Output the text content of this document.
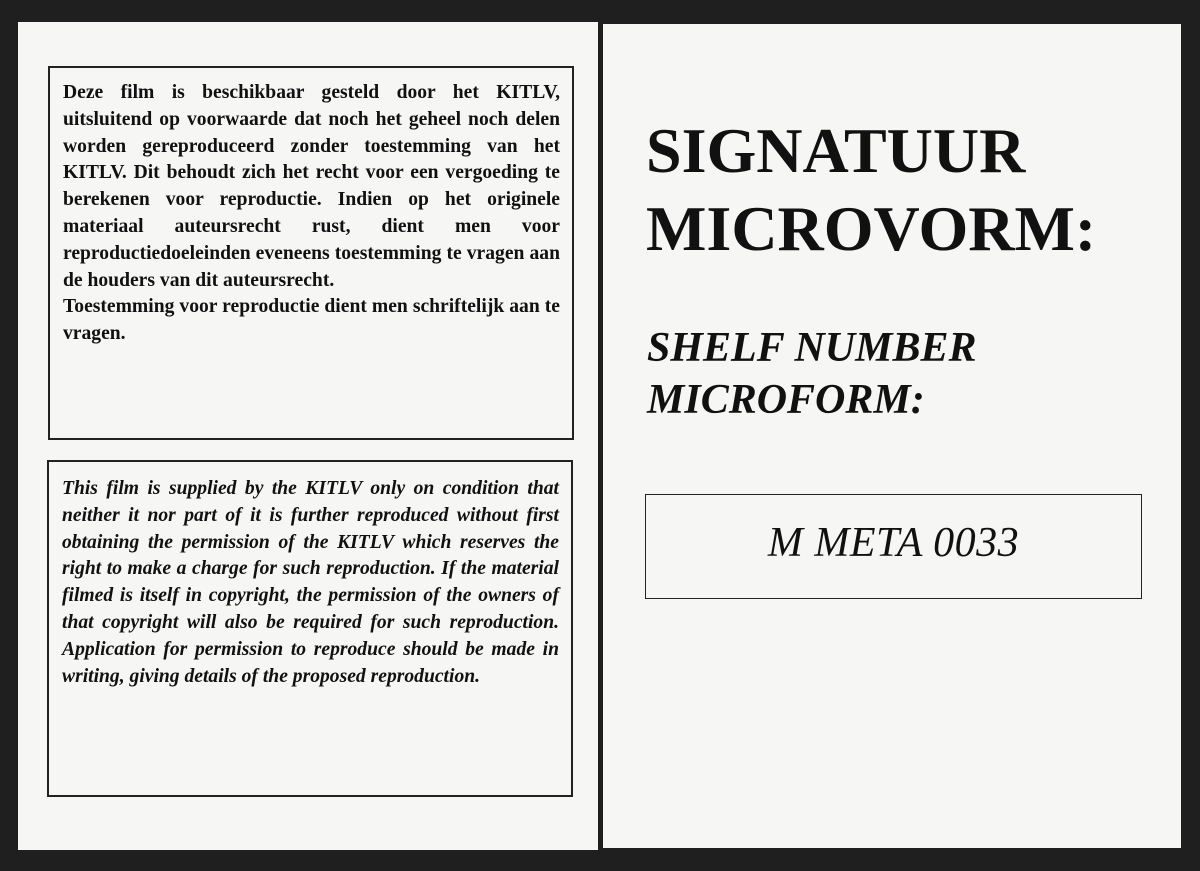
Deze film is beschikbaar gesteld door het KITLV, uitsluitend op voorwaarde dat noch het geheel noch delen worden gereproduceerd zonder toestemming van het KITLV. Dit behoudt zich het recht voor een vergoeding te berekenen voor reproductie. Indien op het originele materiaal auteursrecht rust, dient men voor reproductiedoeleinden eveneens toestemming te vragen aan de houders van dit auteursrecht.

Toestemming voor reproductie dient men schriftelijk aan te vragen.

This film is supplied by the KITLV only on condition that neither it nor part of it is further reproduced without first obtaining the permission of the KITLV which reserves the right to make a charge for such reproduction. If the material filmed is itself in copyright, the permission of the owners of that copyright will also be required for such reproduction. Application for permission to reproduce should be made in writing, giving details of the proposed reproduction.

SIGNATUUR
MICROVORM:
SHELF NUMBER
MICROFORM:
M META 0033
